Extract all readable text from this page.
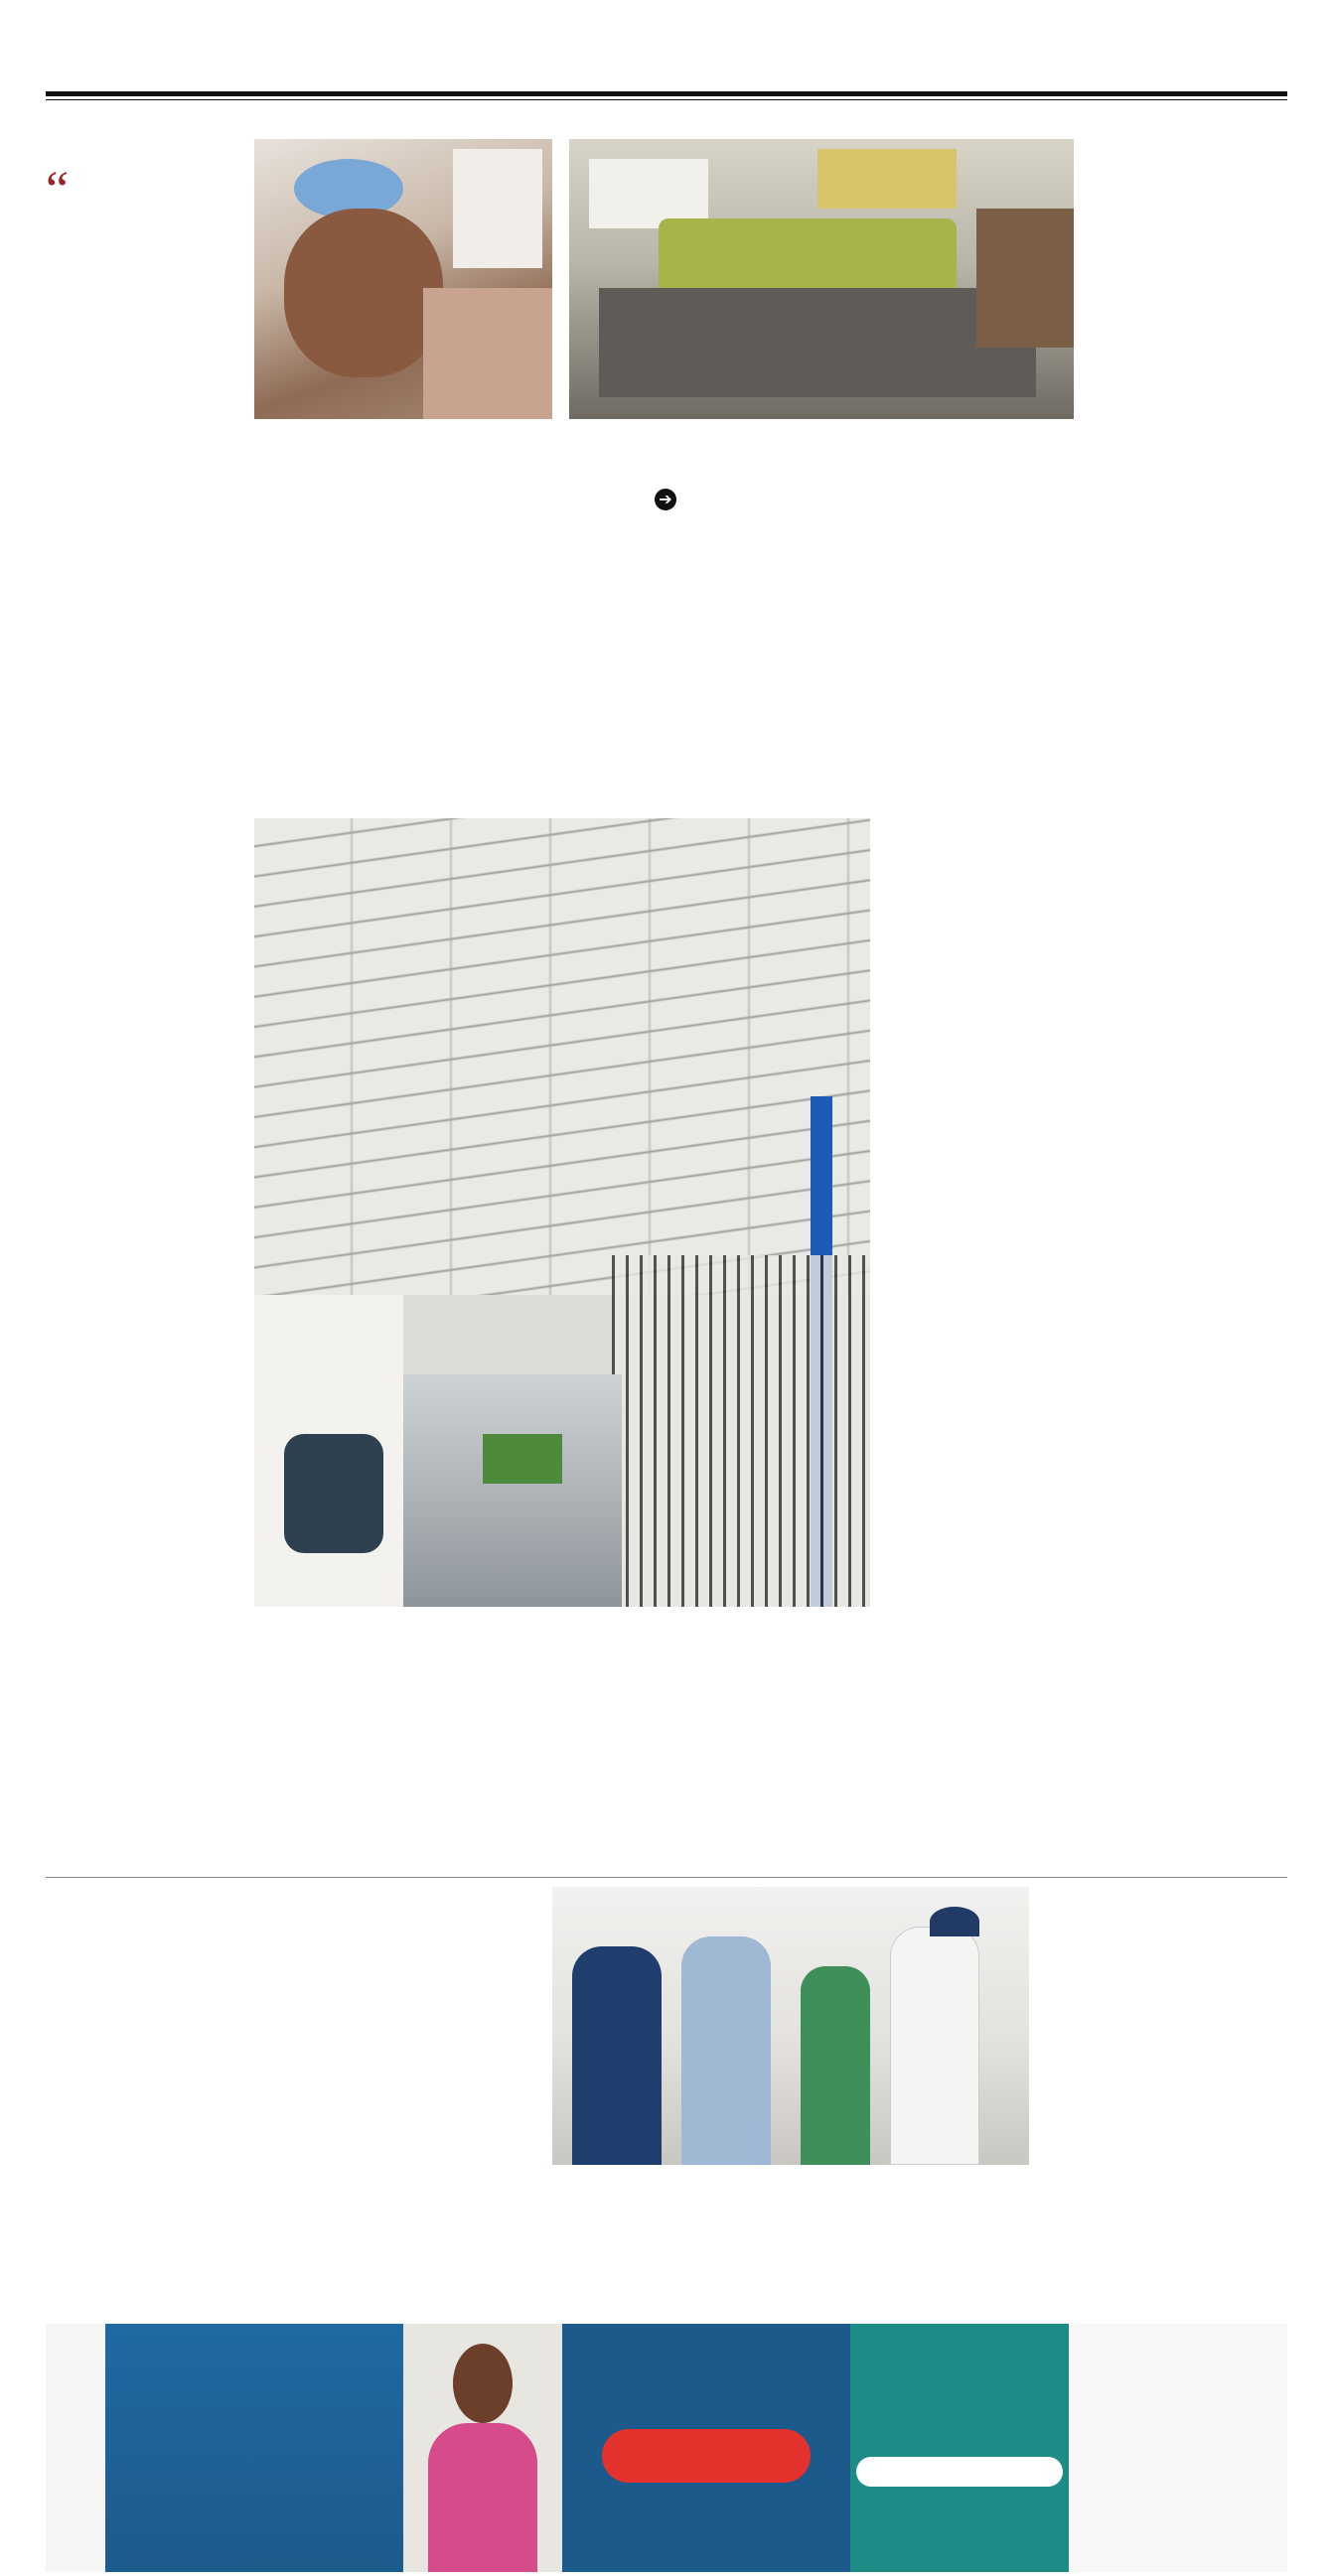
“

➔
